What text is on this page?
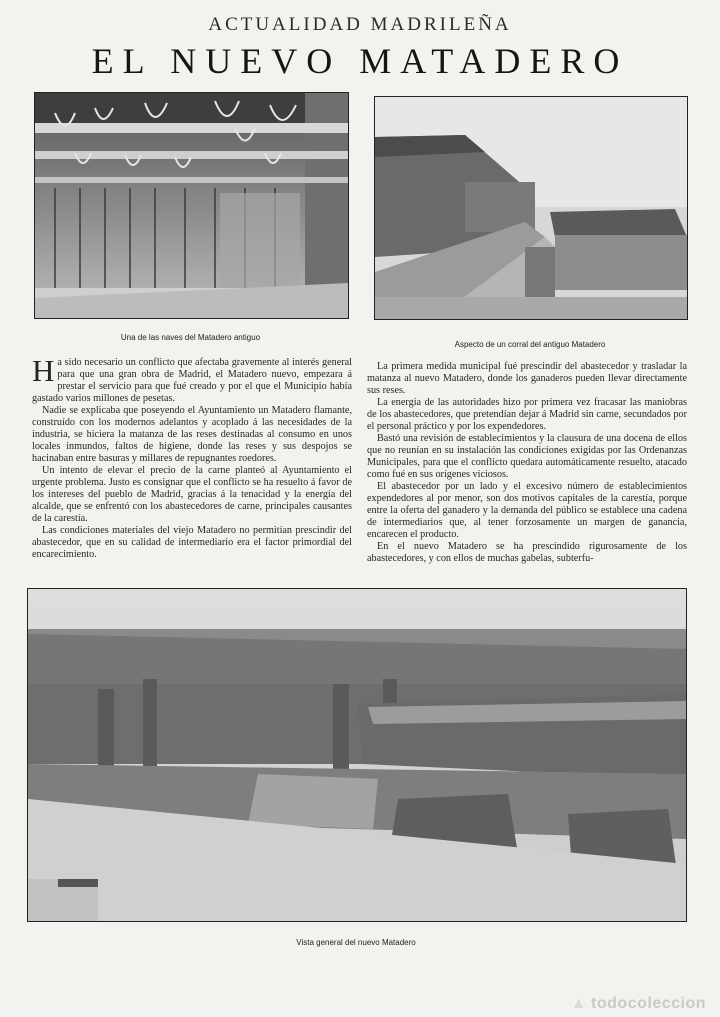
ACTUALIDAD MADRILEÑA
EL NUEVO MATADERO
Una de las naves del Matadero antiguo
Aspecto de un corral del antiguo Matadero

Ha sido necesario un conflicto que afectaba gravemente al interés general para que una gran obra de Madrid, el Matadero nuevo, empezara á prestar el servicio para que fué creado y por el que el Municipio había gastado varios millones de pesetas.

Nadie se explicaba que poseyendo el Ayuntamiento un Matadero flamante, construído con los modernos adelantos y acoplado á las necesidades de la industria, se hiciera la matanza de las reses destinadas al consumo en unos locales inmundos, faltos de higiene, donde las reses y sus despojos se hacinaban entre basuras y millares de repugnantes roedores.

Un intento de elevar el precio de la carne planteó al Ayuntamiento el urgente problema. Justo es consignar que el conflicto se ha resuelto á favor de los intereses del pueblo de Madrid, gracias á la tenacidad y la energía del alcalde, que se enfrentó con los abastecedores de carne, principales causantes de la carestía.

Las condiciones materiales del viejo Matadero no permitían prescindir del abastecedor, que en su calidad de intermediario era el factor primordial del encarecimiento.

La primera medida municipal fué prescindir del abastecedor y trasladar la matanza al nuevo Matadero, donde los ganaderos pueden llevar directamente sus reses.

La energía de las autoridades hizo por primera vez fracasar las maniobras de los abastecedores, que pretendían dejar á Madrid sin carne, secundados por el personal práctico y por los expendedores.

Bastó una revisión de establecimientos y la clausura de una docena de ellos que no reunían en su instalación las condiciones exigidas por las Ordenanzas Municipales, para que el conflicto quedara automáticamente resuelto, atacado como fué en sus orígenes viciosos.

El abastecedor por un lado y el excesivo número de establecimientos expendedores al por menor, son dos motivos capitales de la carestía, porque entre la oferta del ganadero y la demanda del público se establece una cadena de intermediarios que, al tener forzosamente un margen de ganancia, encarecen el producto.

En el nuevo Matadero se ha prescindido rigurosamente de los abastecedores, y con ellos de muchas gabelas, subterfu-

Vista general del nuevo Matadero
▲ todocoleccion
